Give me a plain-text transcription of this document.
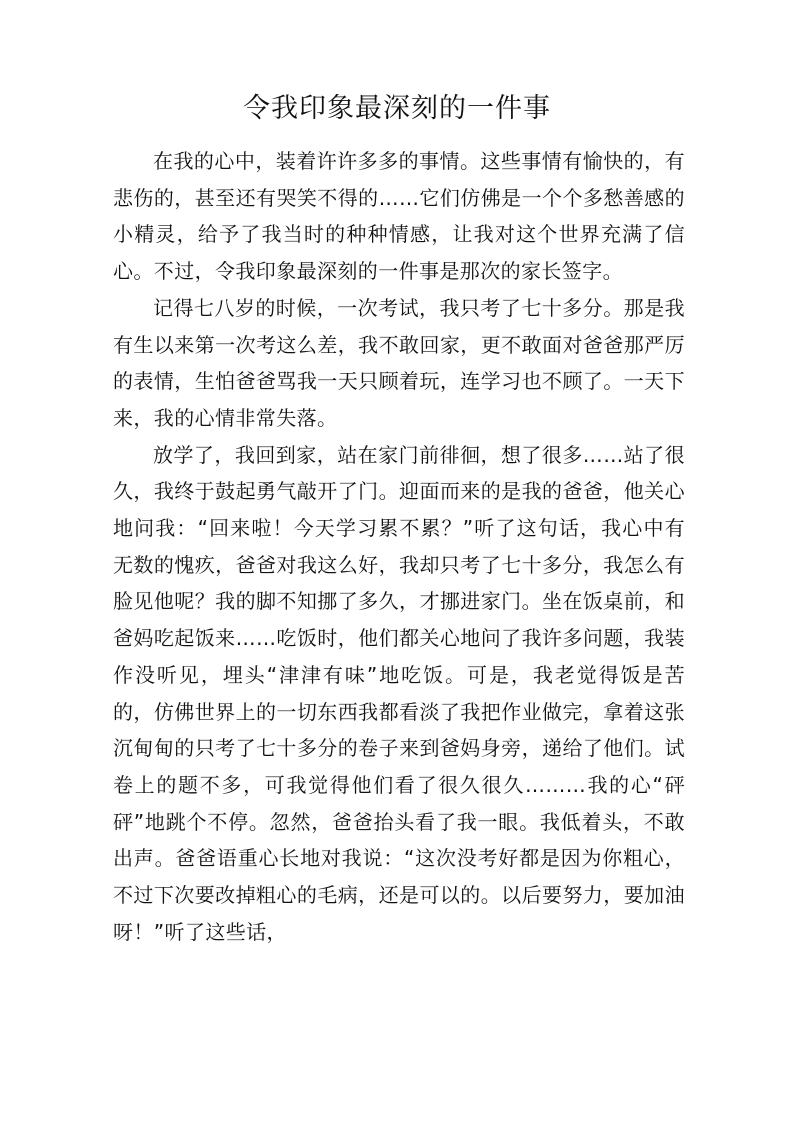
令我印象最深刻的一件事

在我的心中，装着许许多多的事情。这些事情有愉快的，有悲伤的，甚至还有哭笑不得的……它们仿佛是一个个多愁善感的小精灵，给予了我当时的种种情感，让我对这个世界充满了信心。不过，令我印象最深刻的一件事是那次的家长签字。

记得七八岁的时候，一次考试，我只考了七十多分。那是我有生以来第一次考这么差，我不敢回家，更不敢面对爸爸那严厉的表情，生怕爸爸骂我一天只顾着玩，连学习也不顾了。一天下来，我的心情非常失落。

放学了，我回到家，站在家门前徘徊，想了很多……站了很久，我终于鼓起勇气敲开了门。迎面而来的是我的爸爸，他关心地问我：“回来啦！今天学习累不累？”听了这句话，我心中有无数的愧疚，爸爸对我这么好，我却只考了七十多分，我怎么有脸见他呢？我的脚不知挪了多久，才挪进家门。坐在饭桌前，和爸妈吃起饭来……吃饭时，他们都关心地问了我许多问题，我装作没听见，埋头“津津有味”地吃饭。可是，我老觉得饭是苦的，仿佛世界上的一切东西我都看淡了我把作业做完，拿着这张沉甸甸的只考了七十多分的卷子来到爸妈身旁，递给了他们。试卷上的题不多，可我觉得他们看了很久很久………我的心“砰砰”地跳个不停。忽然，爸爸抬头看了我一眼。我低着头，不敢出声。爸爸语重心长地对我说：“这次没考好都是因为你粗心，不过下次要改掉粗心的毛病，还是可以的。以后要努力，要加油呀！”听了这些话，
